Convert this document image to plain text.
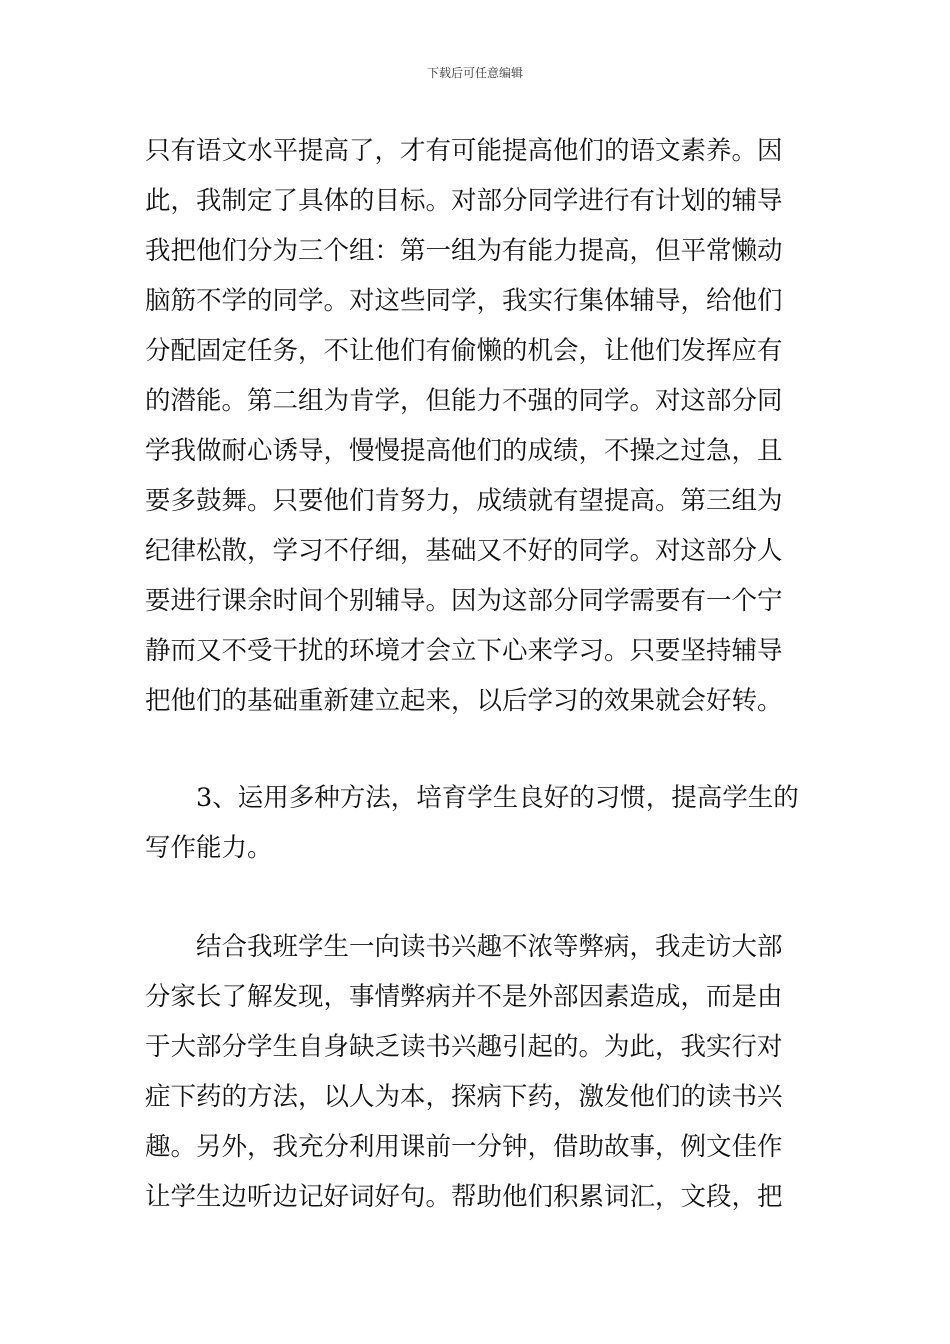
下载后可任意编辑
只有语文水平提高了，才有可能提高他们的语文素养。因
此，我制定了具体的目标。对部分同学进行有计划的辅导
我把他们分为三个组：第一组为有能力提高，但平常懒动
脑筋不学的同学。对这些同学，我实行集体辅导，给他们
分配固定任务，不让他们有偷懒的机会，让他们发挥应有
的潜能。第二组为肯学，但能力不强的同学。对这部分同
学我做耐心诱导，慢慢提高他们的成绩，不操之过急，且
要多鼓舞。只要他们肯努力，成绩就有望提高。第三组为
纪律松散，学习不仔细，基础又不好的同学。对这部分人
要进行课余时间个别辅导。因为这部分同学需要有一个宁
静而又不受干扰的环境才会立下心来学习。只要坚持辅导
把他们的基础重新建立起来，以后学习的效果就会好转。
3、运用多种方法，培育学生良好的习惯，提高学生的
写作能力。
结合我班学生一向读书兴趣不浓等弊病，我走访大部
分家长了解发现，事情弊病并不是外部因素造成，而是由
于大部分学生自身缺乏读书兴趣引起的。为此，我实行对
症下药的方法，以人为本，探病下药，激发他们的读书兴
趣。另外，我充分利用课前一分钟，借助故事，例文佳作
让学生边听边记好词好句。帮助他们积累词汇，文段，把
